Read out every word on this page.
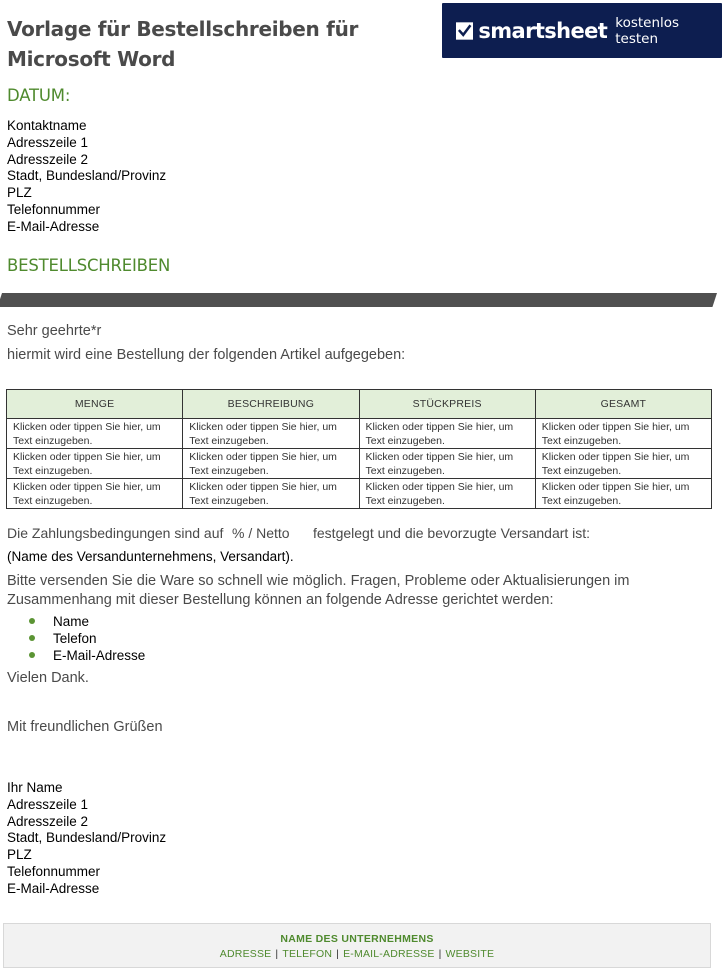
Vorlage für Bestellschreiben für Microsoft Word
smartsheet kostenlos testen
DATUM:
Kontaktname
Adresszeile 1
Adresszeile 2
Stadt, Bundesland/Provinz
PLZ
Telefonnummer
E-Mail-Adresse
BESTELLSCHREIBEN
Sehr geehrte*r
hiermit wird eine Bestellung der folgenden Artikel aufgegeben:
MENGE	BESCHREIBUNG	STÜCKPREIS	GESAMT
Klicken oder tippen Sie hier, um Text einzugeben.	Klicken oder tippen Sie hier, um Text einzugeben.	Klicken oder tippen Sie hier, um Text einzugeben.	Klicken oder tippen Sie hier, um Text einzugeben.
Klicken oder tippen Sie hier, um Text einzugeben.	Klicken oder tippen Sie hier, um Text einzugeben.	Klicken oder tippen Sie hier, um Text einzugeben.	Klicken oder tippen Sie hier, um Text einzugeben.
Klicken oder tippen Sie hier, um Text einzugeben.	Klicken oder tippen Sie hier, um Text einzugeben.	Klicken oder tippen Sie hier, um Text einzugeben.	Klicken oder tippen Sie hier, um Text einzugeben.
Die Zahlungsbedingungen sind auf % / Netto festgelegt und die bevorzugte Versandart ist:
(Name des Versandunternehmens, Versandart).
Bitte versenden Sie die Ware so schnell wie möglich. Fragen, Probleme oder Aktualisierungen im Zusammenhang mit dieser Bestellung können an folgende Adresse gerichtet werden:
Name
Telefon
E-Mail-Adresse
Vielen Dank.
Mit freundlichen Grüßen
Ihr Name
Adresszeile 1
Adresszeile 2
Stadt, Bundesland/Provinz
PLZ
Telefonnummer
E-Mail-Adresse
NAME DES UNTERNEHMENS
ADRESSE | TELEFON | E-MAIL-ADRESSE | WEBSITE
